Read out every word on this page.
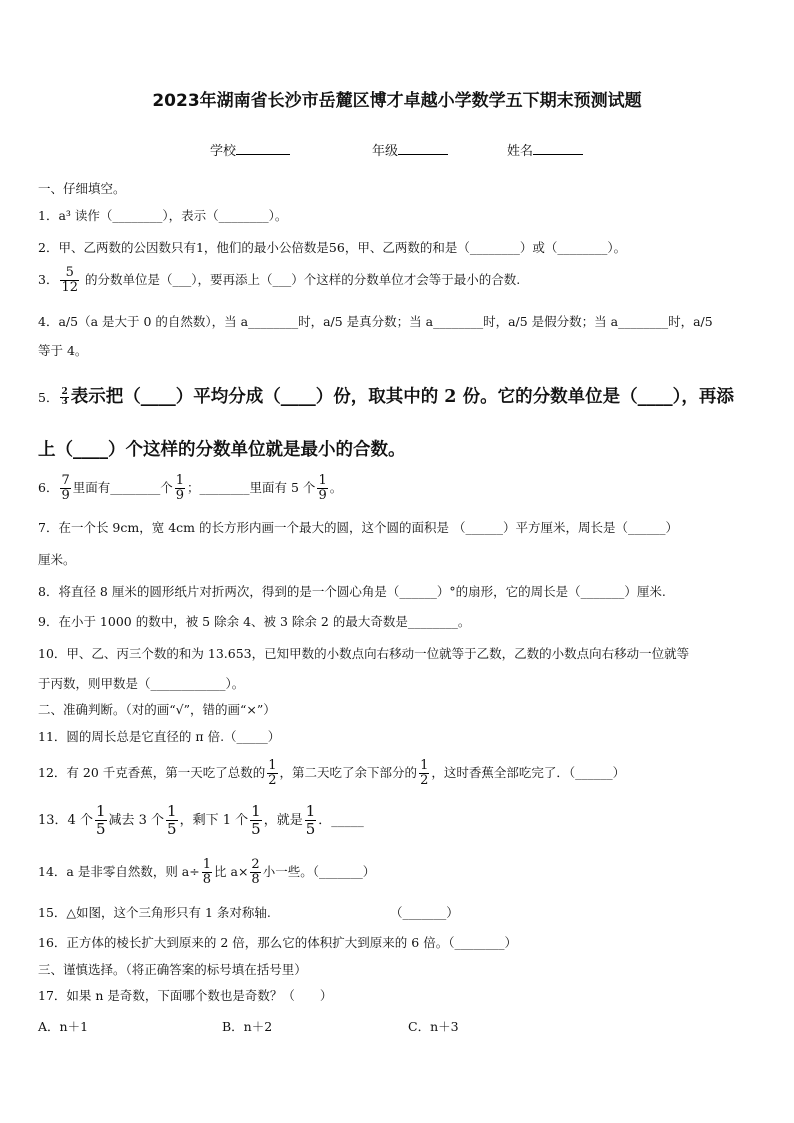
2023年湖南省长沙市岳麓区博才卓越小学数学五下期末预测试题
学校	年级	姓名
一、仔细填空。
1．a³ 读作（________），表示（________）。
2．甲、乙两数的公因数只有1，他们的最小公倍数是56，甲、乙两数的和是（________）或（________）。
3． $\frac{5}{12}$ 的分数单位是（___），要再添上（___）个这样的分数单位才会等于最小的合数.
4．a/5（a 是大于 0 的自然数），当 a________时，a/5 是真分数；当 a________时，a/5 是假分数；当 a________时，a/5
等于 4。
5． $\frac{2}{3}$ 表示把（____）平均分成（____）份，取其中的 2 份。它的分数单位是（____），再添
上（____）个这样的分数单位就是最小的合数。
6． $\frac{7}{9}$ 里面有________个 $\frac{1}{9}$ ；________里面有 5 个 $\frac{1}{9}$ 。
7．在一个长 9cm，宽 4cm 的长方形内画一个最大的圆，这个圆的面积是 （______）平方厘米，周长是（______）
厘米。
8．将直径 8 厘米的圆形纸片对折两次，得到的是一个圆心角是（______）°的扇形，它的周长是（_______）厘米.
9．在小于 1000 的数中，被 5 除余 4、被 3 除余 2 的最大奇数是________。
10．甲、乙、丙三个数的和为 13.653，已知甲数的小数点向右移动一位就等于乙数，乙数的小数点向右移动一位就等
于丙数，则甲数是（____________）。
二、准确判断。（对的画“√”，错的画“×”）
11．圆的周长总是它直径的 π 倍.（_____）
12．有 20 千克香蕉，第一天吃了总数的 $\frac{1}{2}$ ，第二天吃了余下部分的 $\frac{1}{2}$ ，这时香蕉全部吃完了．（______）
13．4 个 $\frac{1}{5}$ 减去 3 个 $\frac{1}{5}$ ，剩下 1 个 $\frac{1}{5}$ ，就是 $\frac{1}{5}$ ．_____
14．a 是非零自然数，则 $a\div \frac{1}{8}$ 比 $a\times \frac{2}{8}$ 小一些。（_______）
15．△如图，这个三角形只有 1 条对称轴.	（_______）
16．正方体的棱长扩大到原来的 2 倍，那么它的体积扩大到原来的 6 倍。（________）
三、谨慎选择。（将正确答案的标号填在括号里）
17．如果 n 是奇数，下面哪个数也是奇数？（　　）
A．n＋1	B．n＋2	C．n＋3
